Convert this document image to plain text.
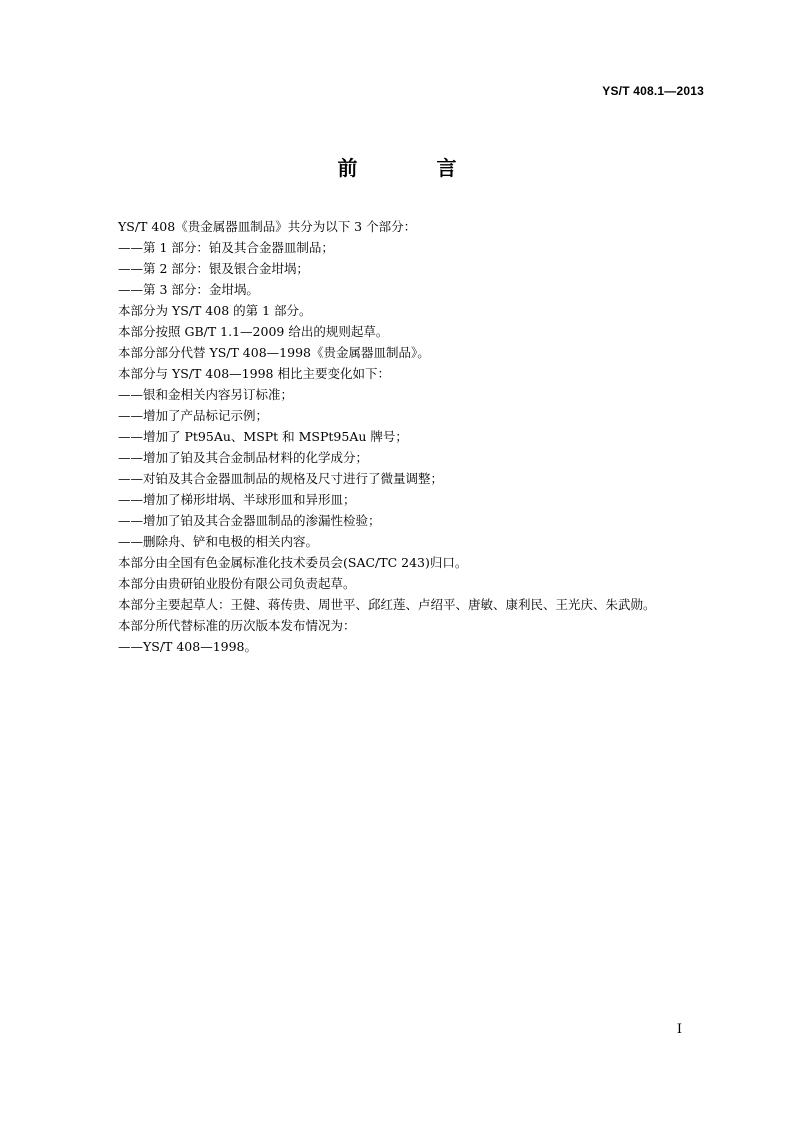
YS/T 408.1—2013
前 言
YS/T 408《贵金属器皿制品》共分为以下 3 个部分：
——第 1 部分：铂及其合金器皿制品；
——第 2 部分：银及银合金坩埚；
——第 3 部分：金坩埚。
本部分为 YS/T 408 的第 1 部分。
本部分按照 GB/T 1.1—2009 给出的规则起草。
本部分部分代替 YS/T 408—1998《贵金属器皿制品》。
本部分与 YS/T 408—1998 相比主要变化如下：
——银和金相关内容另订标准；
——增加了产品标记示例；
——增加了 Pt95Au、MSPt 和 MSPt95Au 牌号；
——增加了铂及其合金制品材料的化学成分；
——对铂及其合金器皿制品的规格及尺寸进行了微量调整；
——增加了梯形坩埚、半球形皿和异形皿；
——增加了铂及其合金器皿制品的渗漏性检验；
——删除舟、铲和电极的相关内容。
本部分由全国有色金属标准化技术委员会(SAC/TC 243)归口。
本部分由贵研铂业股份有限公司负责起草。
本部分主要起草人：王健、蒋传贵、周世平、邱红莲、卢绍平、唐敏、康利民、王光庆、朱武勋。
本部分所代替标准的历次版本发布情况为：
——YS/T 408—1998。
I
